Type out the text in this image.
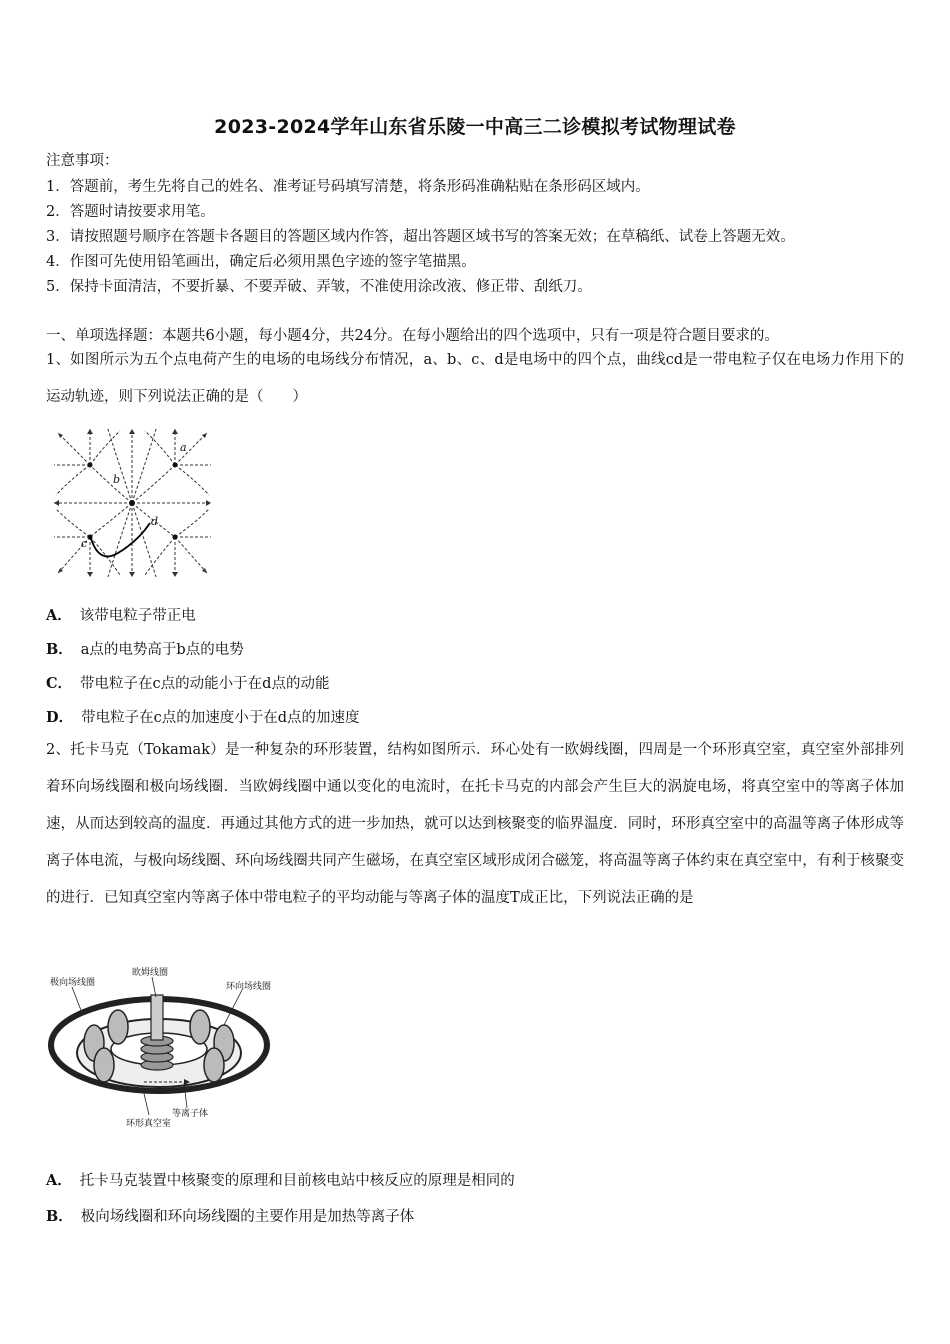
2023-2024学年山东省乐陵一中高三二诊模拟考试物理试卷
注意事项：
1．答题前，考生先将自己的姓名、准考证号码填写清楚，将条形码准确粘贴在条形码区域内。
2．答题时请按要求用笔。
3．请按照题号顺序在答题卡各题目的答题区域内作答，超出答题区域书写的答案无效；在草稿纸、试卷上答题无效。
4．作图可先使用铅笔画出，确定后必须用黑色字迹的签字笔描黑。
5．保持卡面清洁，不要折暴、不要弄破、弄皱，不准使用涂改液、修正带、刮纸刀。
一、单项选择题：本题共6小题，每小题4分，共24分。在每小题给出的四个选项中，只有一项是符合题目要求的。
1、如图所示为五个点电荷产生的电场的电场线分布情况，a、b、c、d是电场中的四个点，曲线cd是一带电粒子仅在电场力作用下的运动轨迹，则下列说法正确的是（　　）
a
b
c
d
A． 该带电粒子带正电
B． a点的电势高于b点的电势
C． 带电粒子在c点的动能小于在d点的动能
D． 带电粒子在c点的加速度小于在d点的加速度
2、托卡马克（Tokamak）是一种复杂的环形装置，结构如图所示．环心处有一欧姆线圈，四周是一个环形真空室，真空室外部排列着环向场线圈和极向场线圈．当欧姆线圈中通以变化的电流时，在托卡马克的内部会产生巨大的涡旋电场，将真空室中的等离子体加速，从而达到较高的温度．再通过其他方式的进一步加热，就可以达到核聚变的临界温度．同时，环形真空室中的高温等离子体形成等离子体电流，与极向场线圈、环向场线圈共同产生磁场，在真空室区域形成闭合磁笼，将高温等离子体约束在真空室中，有利于核聚变的进行．已知真空室内等离子体中带电粒子的平均动能与等离子体的温度T成正比，下列说法正确的是
极向场线圈
欧姆线圈
环向场线圈
等离子体
环形真空室
A． 托卡马克装置中核聚变的原理和目前核电站中核反应的原理是相同的
B． 极向场线圈和环向场线圈的主要作用是加热等离子体
